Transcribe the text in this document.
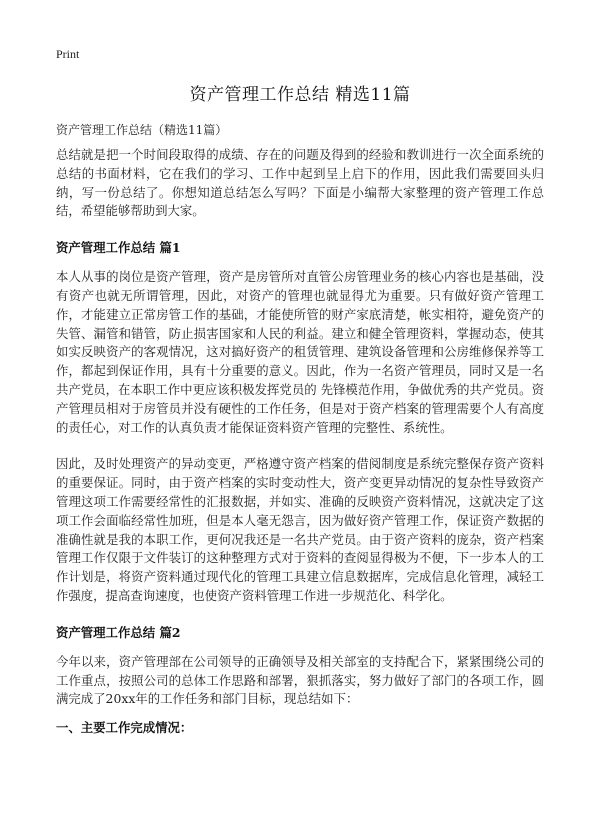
Print
资产管理工作总结 精选11篇
资产管理工作总结（精选11篇）

总结就是把一个时间段取得的成绩、存在的问题及得到的经验和教训进行一次全面系统的总结的书面材料，它在我们的学习、工作中起到呈上启下的作用，因此我们需要回头归纳，写一份总结了。你想知道总结怎么写吗？下面是小编帮大家整理的资产管理工作总结，希望能够帮助到大家。

资产管理工作总结 篇1

本人从事的岗位是资产管理，资产是房管所对直管公房管理业务的核心内容也是基础，没有资产也就无所谓管理，因此，对资产的管理也就显得尤为重要。只有做好资产管理工作，才能建立正常房管工作的基础，才能使所管的财产家底清楚，帐实相符，避免资产的失管、漏管和错管，防止损害国家和人民的利益。建立和健全管理资料，掌握动态，使其如实反映资产的客观情况，这对搞好资产的租赁管理、建筑设备管理和公房维修保养等工作，都起到保证作用，具有十分重要的意义。因此，作为一名资产管理员，同时又是一名共产党员，在本职工作中更应该积极发挥党员的 先锋模范作用，争做优秀的共产党员。资产管理员相对于房管员并没有硬性的工作任务，但是对于资产档案的管理需要个人有高度的责任心，对工作的认真负责才能保证资料资产管理的完整性、系统性。

因此，及时处理资产的异动变更，严格遵守资产档案的借阅制度是系统完整保存资产资料的重要保证。同时，由于资产档案的实时变动性大，资产变更异动情况的复杂性导致资产管理这项工作需要经常性的汇报数据，并如实、准确的反映资产资料情况，这就决定了这项工作会面临经常性加班，但是本人毫无怨言，因为做好资产管理工作，保证资产数据的准确性就是我的本职工作，更何况我还是一名共产党员。由于资产资料的庞杂，资产档案管理工作仅限于文件装订的这种整理方式对于资料的查阅显得极为不便，下一步本人的工作计划是，将资产资料通过现代化的管理工具建立信息数据库，完成信息化管理，减轻工作强度，提高查询速度，也使资产资料管理工作进一步规范化、科学化。

资产管理工作总结 篇2

今年以来，资产管理部在公司领导的正确领导及相关部室的支持配合下，紧紧围绕公司的工作重点，按照公司的总体工作思路和部署，狠抓落实，努力做好了部门的各项工作，圆满完成了20xx年的工作任务和部门目标，现总结如下：

一、主要工作完成情况：
